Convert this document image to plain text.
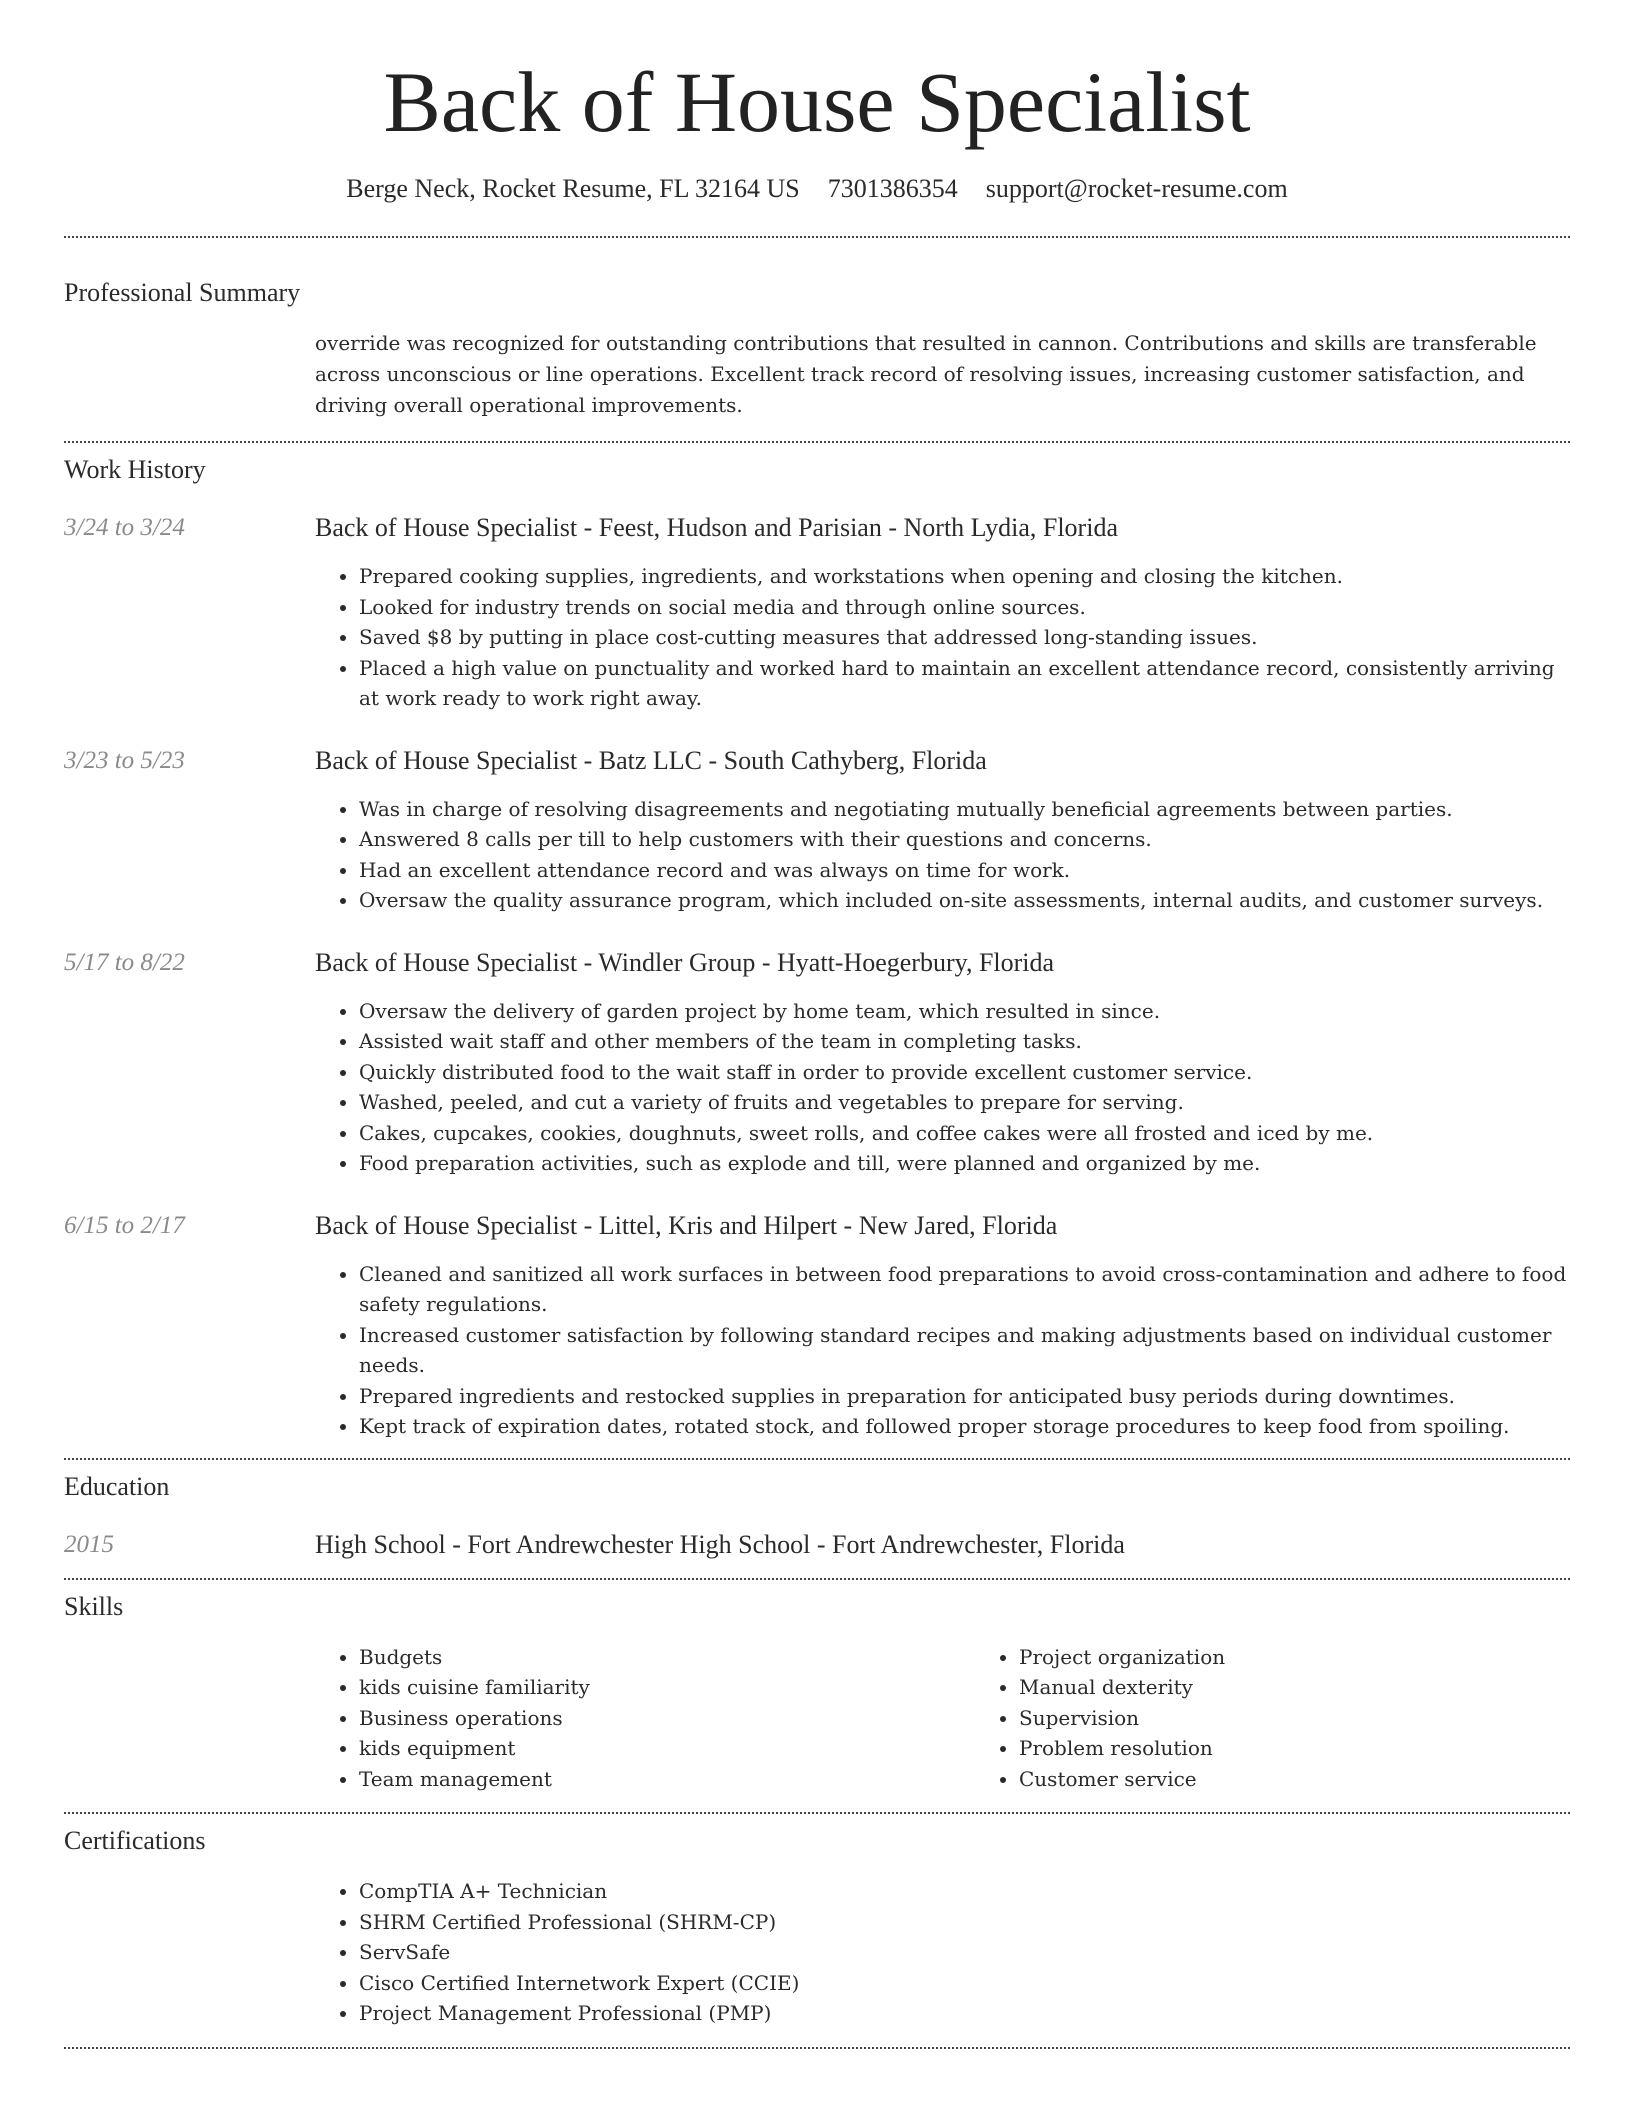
Back of House Specialist
Berge Neck, Rocket Resume, FL 32164 US 7301386354 support@rocket-resume.com
Professional Summary
override was recognized for outstanding contributions that resulted in cannon. Contributions and skills are transferable across unconscious or line operations. Excellent track record of resolving issues, increasing customer satisfaction, and driving overall operational improvements.
Work History
3/24 to 3/24	Back of House Specialist - Feest, Hudson and Parisian - North Lydia, Florida
• Prepared cooking supplies, ingredients, and workstations when opening and closing the kitchen.
• Looked for industry trends on social media and through online sources.
• Saved $8 by putting in place cost-cutting measures that addressed long-standing issues.
• Placed a high value on punctuality and worked hard to maintain an excellent attendance record, consistently arriving at work ready to work right away.
3/23 to 5/23	Back of House Specialist - Batz LLC - South Cathyberg, Florida
• Was in charge of resolving disagreements and negotiating mutually beneficial agreements between parties.
• Answered 8 calls per till to help customers with their questions and concerns.
• Had an excellent attendance record and was always on time for work.
• Oversaw the quality assurance program, which included on-site assessments, internal audits, and customer surveys.
5/17 to 8/22	Back of House Specialist - Windler Group - Hyatt-Hoegerbury, Florida
• Oversaw the delivery of garden project by home team, which resulted in since.
• Assisted wait staff and other members of the team in completing tasks.
• Quickly distributed food to the wait staff in order to provide excellent customer service.
• Washed, peeled, and cut a variety of fruits and vegetables to prepare for serving.
• Cakes, cupcakes, cookies, doughnuts, sweet rolls, and coffee cakes were all frosted and iced by me.
• Food preparation activities, such as explode and till, were planned and organized by me.
6/15 to 2/17	Back of House Specialist - Littel, Kris and Hilpert - New Jared, Florida
• Cleaned and sanitized all work surfaces in between food preparations to avoid cross-contamination and adhere to food safety regulations.
• Increased customer satisfaction by following standard recipes and making adjustments based on individual customer needs.
• Prepared ingredients and restocked supplies in preparation for anticipated busy periods during downtimes.
• Kept track of expiration dates, rotated stock, and followed proper storage procedures to keep food from spoiling.
Education
2015	High School - Fort Andrewchester High School - Fort Andrewchester, Florida
Skills
• Budgets
• kids cuisine familiarity
• Business operations
• kids equipment
• Team management
• Project organization
• Manual dexterity
• Supervision
• Problem resolution
• Customer service
Certifications
• CompTIA A+ Technician
• SHRM Certified Professional (SHRM-CP)
• ServSafe
• Cisco Certified Internetwork Expert (CCIE)
• Project Management Professional (PMP)
